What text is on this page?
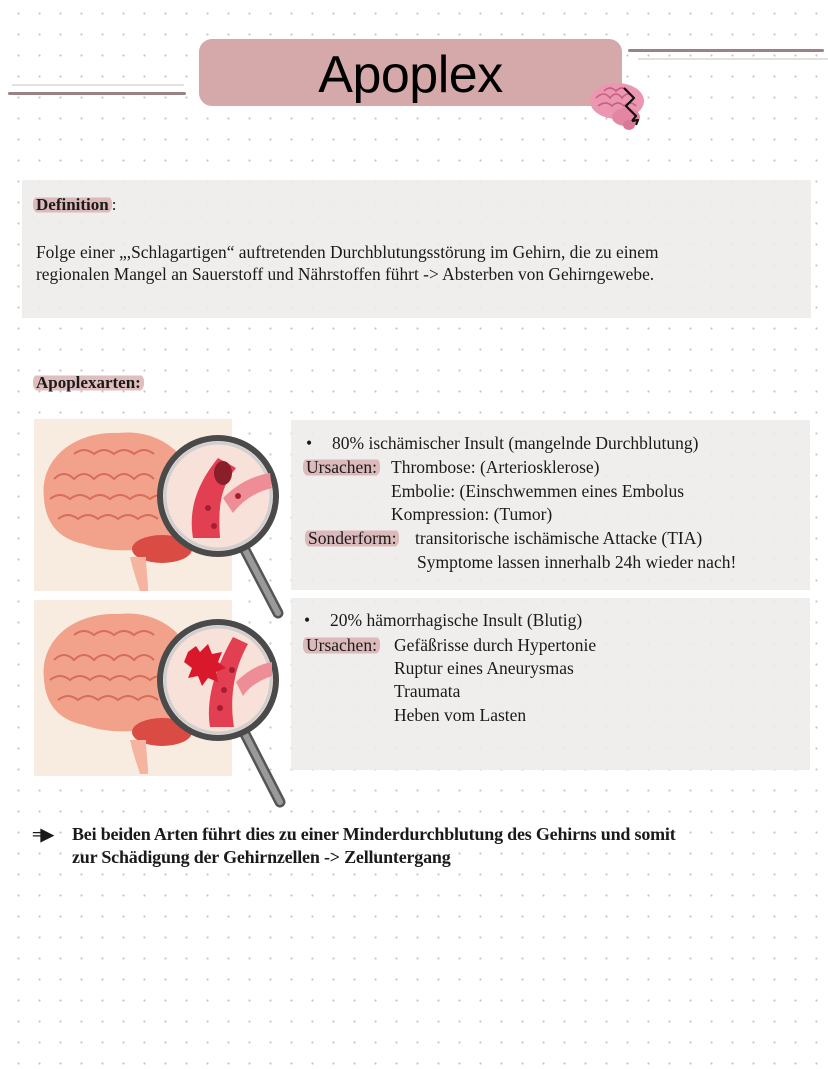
Apoplex
Definition :
Folge einer „,Schlagartigen“ auftretenden Durchblutungsstörung im Gehirn, die zu einem
regionalen Mangel an Sauerstoff und Nährstoffen führt -> Absterben von Gehirngewebe.
Apoplexarten:
• 80% ischämischer Insult (mangelnde Durchblutung)
Ursachen: Thrombose: (Arteriosklerose)
Embolie: (Einschwemmen eines Embolus
Kompression: (Tumor)
Sonderform: transitorische ischämische Attacke (TIA)
Symptome lassen innerhalb 24h wieder nach!
• 20% hämorrhagische Insult (Blutig)
Ursachen: Gefäßrisse durch Hypertonie
Ruptur eines Aneurysmas
Traumata
Heben vom Lasten
=▶ Bei beiden Arten führt dies zu einer Minderdurchblutung des Gehirns und somit
zur Schädigung der Gehirnzellen -> Zelluntergang
